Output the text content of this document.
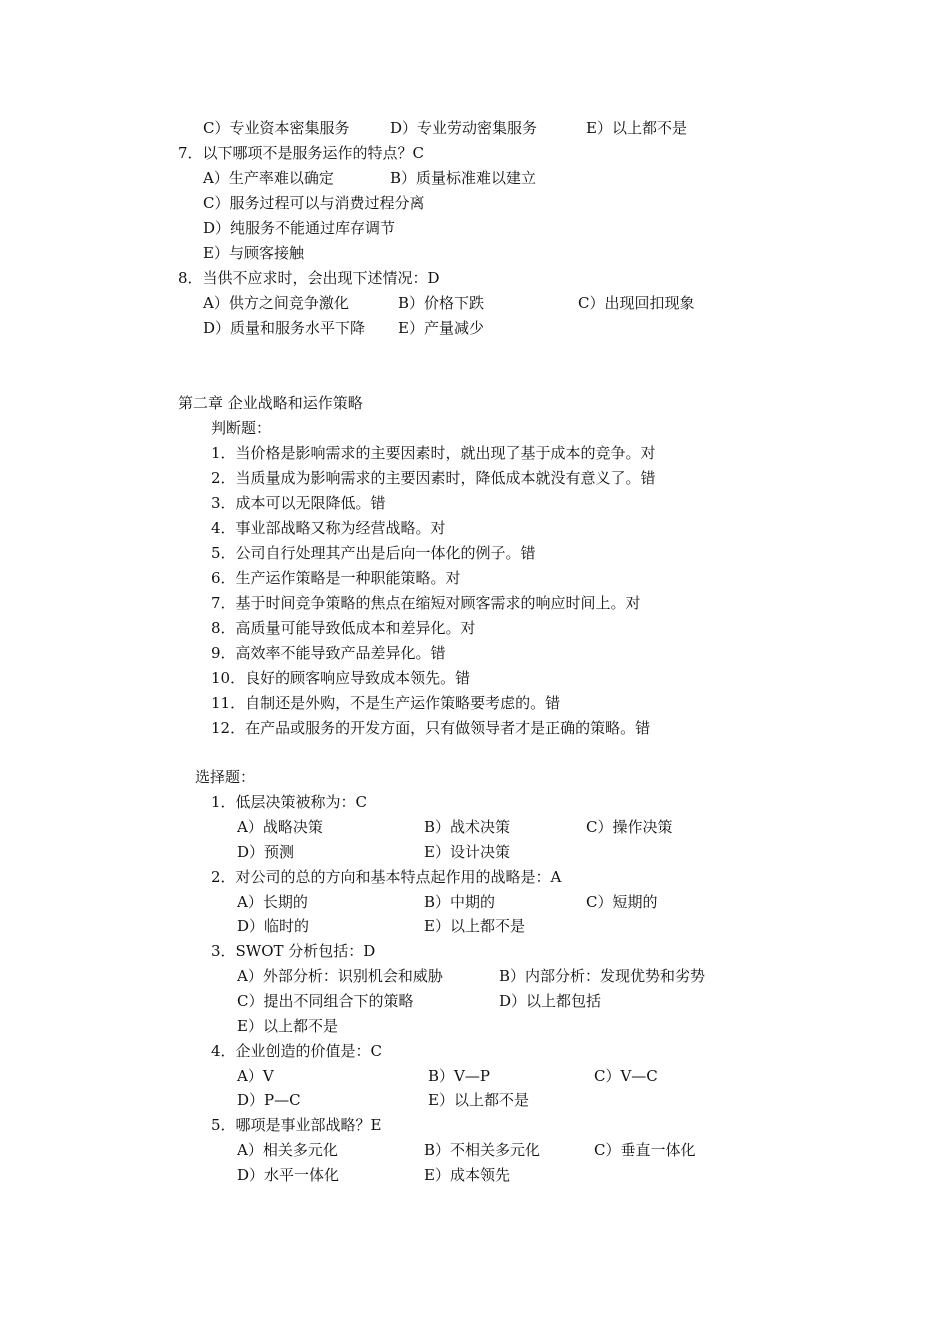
C）专业资本密集服务	D）专业劳动密集服务	E）以上都不是
7．以下哪项不是服务运作的特点？C
A）生产率难以确定	B）质量标准难以建立
C）服务过程可以与消费过程分离
D）纯服务不能通过库存调节
E）与顾客接触
8．当供不应求时，会出现下述情况：D
A）供方之间竞争激化	B）价格下跌	C）出现回扣现象
D）质量和服务水平下降 E）产量减少
第二章 企业战略和运作策略
判断题：
1．当价格是影响需求的主要因素时，就出现了基于成本的竞争。对
2．当质量成为影响需求的主要因素时，降低成本就没有意义了。错
3．成本可以无限降低。错
4．事业部战略又称为经营战略。对
5．公司自行处理其产出是后向一体化的例子。错
6．生产运作策略是一种职能策略。对
7．基于时间竞争策略的焦点在缩短对顾客需求的响应时间上。对
8．高质量可能导致低成本和差异化。对
9．高效率不能导致产品差异化。错
10．良好的顾客响应导致成本领先。错
11．自制还是外购，不是生产运作策略要考虑的。错
12．在产品或服务的开发方面，只有做领导者才是正确的策略。错
选择题：
1．低层决策被称为：C
A）战略决策	B）战术决策	C）操作决策
D）预测	E）设计决策
2．对公司的总的方向和基本特点起作用的战略是：A
A）长期的	B）中期的	C）短期的
D）临时的	E）以上都不是
3．SWOT 分析包括：D
A）外部分析：识别机会和威胁	B）内部分析：发现优势和劣势
C）提出不同组合下的策略	D）以上都包括
E）以上都不是
4．企业创造的价值是：C
A）V	B）V—P	C）V—C
D）P—C	E）以上都不是
5．哪项是事业部战略？E
A）相关多元化	B）不相关多元化	C）垂直一体化
D）水平一体化	E）成本领先
